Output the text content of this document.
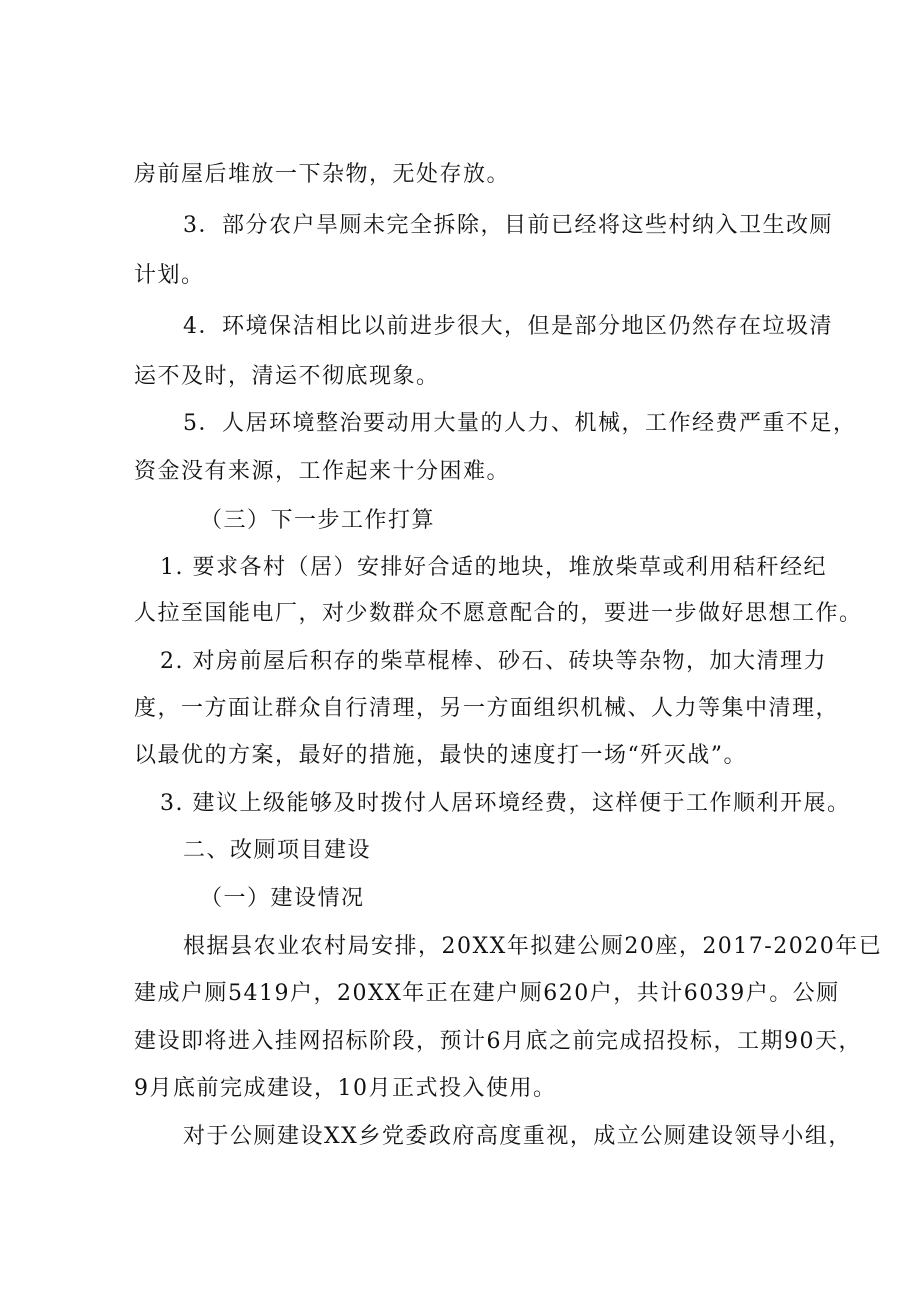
房前屋后堆放一下杂物，无处存放。
3．部分农户旱厕未完全拆除，目前已经将这些村纳入卫生改厕
计划。
4．环境保洁相比以前进步很大，但是部分地区仍然存在垃圾清
运不及时，清运不彻底现象。
5．人居环境整治要动用大量的人力、机械，工作经费严重不足，
资金没有来源，工作起来十分困难。
（三）下一步工作打算
1. 要求各村（居）安排好合适的地块，堆放柴草或利用秸秆经纪
人拉至国能电厂，对少数群众不愿意配合的，要进一步做好思想工作。
2. 对房前屋后积存的柴草棍棒、砂石、砖块等杂物，加大清理力
度，一方面让群众自行清理，另一方面组织机械、人力等集中清理，
以最优的方案，最好的措施，最快的速度打一场“歼灭战”。
3. 建议上级能够及时拨付人居环境经费，这样便于工作顺利开展。
二、改厕项目建设
（一）建设情况
根据县农业农村局安排，20XX年拟建公厕20座，2017-2020年已
建成户厕5419户，20XX年正在建户厕620户，共计6039户。公厕
建设即将进入挂网招标阶段，预计6月底之前完成招投标，工期90天，
9月底前完成建设，10月正式投入使用。
对于公厕建设XX乡党委政府高度重视，成立公厕建设领导小组，
